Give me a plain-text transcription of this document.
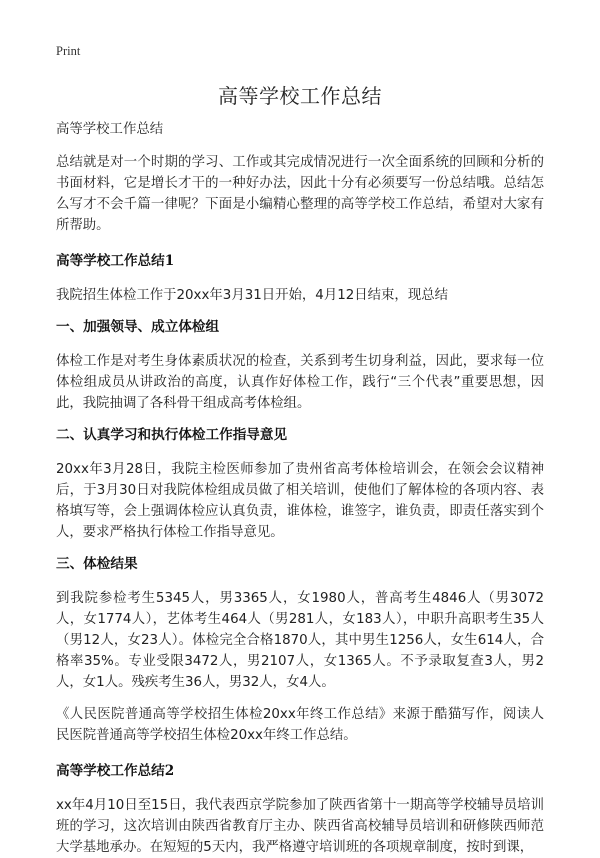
Print
高等学校工作总结

高等学校工作总结

总结就是对一个时期的学习、工作或其完成情况进行一次全面系统的回顾和分析的书面材料，它是增长才干的一种好办法，因此十分有必须要写一份总结哦。总结怎么写才不会千篇一律呢？下面是小编精心整理的高等学校工作总结，希望对大家有所帮助。

高等学校工作总结1

我院招生体检工作于20xx年3月31日开始，4月12日结束，现总结

一、加强领导、成立体检组

体检工作是对考生身体素质状况的检查，关系到考生切身利益，因此，要求每一位体检组成员从讲政治的高度，认真作好体检工作，践行“三个代表”重要思想，因此，我院抽调了各科骨干组成高考体检组。

二、认真学习和执行体检工作指导意见

20xx年3月28日，我院主检医师参加了贵州省高考体检培训会，在领会会议精神后，于3月30日对我院体检组成员做了相关培训，使他们了解体检的各项内容、表格填写等，会上强调体检应认真负责，谁体检，谁签字，谁负责，即责任落实到个人，要求严格执行体检工作指导意见。

三、体检结果

到我院参检考生5345人，男3365人，女1980人，普高考生4846人（男3072人，女1774人），艺体考生464人（男281人，女183人），中职升高职考生35人（男12人，女23人）。体检完全合格1870人，其中男生1256人，女生614人，合格率35%。专业受限3472人，男2107人，女1365人。不予录取复查3人，男2人，女1人。残疾考生36人，男32人，女4人。

《人民医院普通高等学校招生体检20xx年终工作总结》来源于酷猫写作，阅读人民医院普通高等学校招生体检20xx年终工作总结。

高等学校工作总结2

xx年4月10日至15日，我代表西京学院参加了陕西省第十一期高等学校辅导员培训班的学习，这次培训由陕西省教育厅主办、陕西省高校辅导员培训和研修陕西师范大学基地承办。在短短的5天内，我严格遵守培训班的各项规章制度，按时到课，
